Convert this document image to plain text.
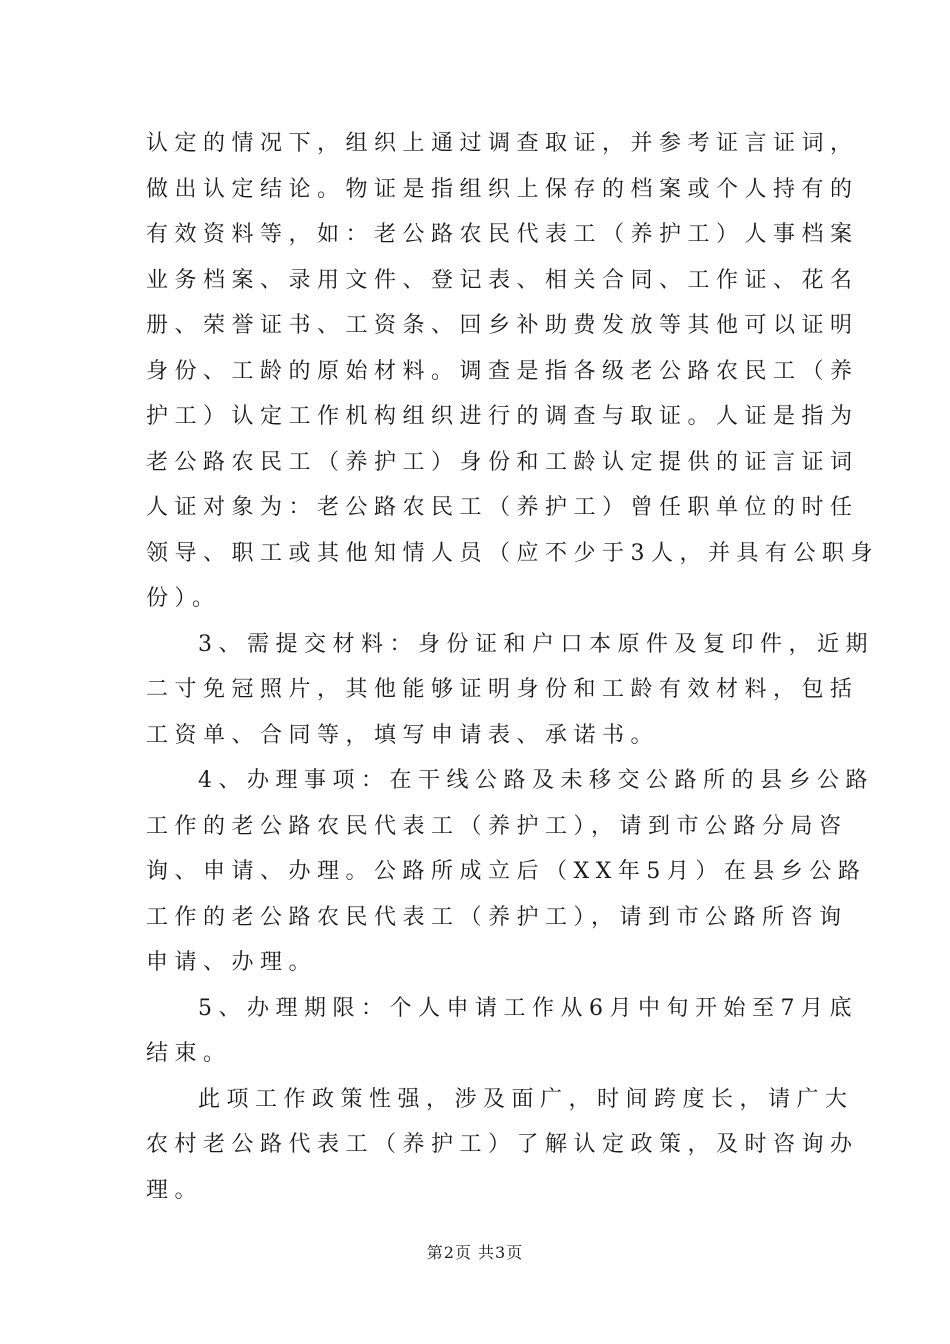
认定的情况下，组织上通过调查取证，并参考证言证词，
做出认定结论。物证是指组织上保存的档案或个人持有的
有效资料等，如：老公路农民代表工（养护工）人事档案
业务档案、录用文件、登记表、相关合同、工作证、花名
册、荣誉证书、工资条、回乡补助费发放等其他可以证明
身份、工龄的原始材料。调查是指各级老公路农民工（养
护工）认定工作机构组织进行的调查与取证。人证是指为
老公路农民工（养护工）身份和工龄认定提供的证言证词
人证对象为：老公路农民工（养护工）曾任职单位的时任
领导、职工或其他知情人员（应不少于3人，并具有公职身
份）。
3、需提交材料：身份证和户口本原件及复印件，近期
二寸免冠照片，其他能够证明身份和工龄有效材料，包括
工资单、合同等，填写申请表、承诺书。
4、办理事项：在干线公路及未移交公路所的县乡公路
工作的老公路农民代表工（养护工），请到市公路分局咨
询、申请、办理。公路所成立后（XX年5月）在县乡公路
工作的老公路农民代表工（养护工），请到市公路所咨询
申请、办理。
5、办理期限：个人申请工作从6月中旬开始至7月底
结束。
此项工作政策性强，涉及面广，时间跨度长，请广大
农村老公路代表工（养护工）了解认定政策，及时咨询办
理。
第2页 共3页
